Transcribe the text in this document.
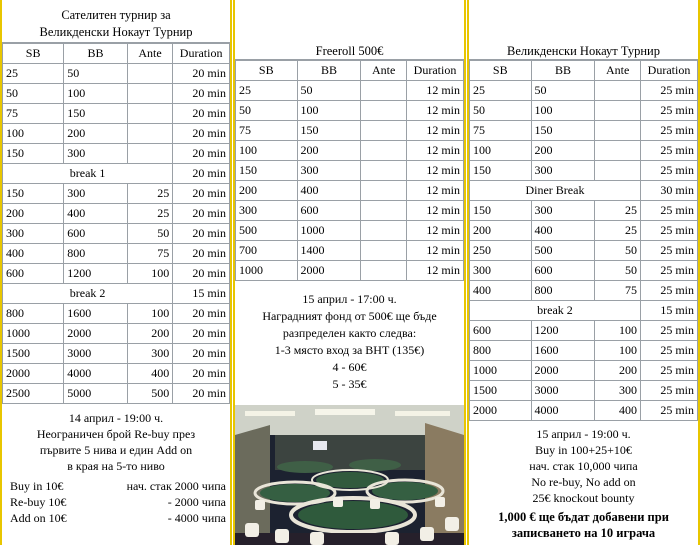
Сателитен турнир за
Великденски Нокаут Турнир
SB	BB	Ante	Duration
25	50		20 min
50	100		20 min
75	150		20 min
100	200		20 min
150	300		20 min
break 1			20 min
150	300	25	20 min
200	400	25	20 min
300	600	50	20 min
400	800	75	20 min
600	1200	100	20 min
break 2			15 min
800	1600	100	20 min
1000	2000	200	20 min
1500	3000	300	20 min
2000	4000	400	20 min
2500	5000	500	20 min

14 април - 19:00 ч.

Неограничен брой Re-buy през

първите 5 нива и един Add on

в края на 5-то ниво

Buy in 10€	нач. стак 2000 чипа
Re-buy 10€	- 2000 чипа
Add on 10€	- 4000 чипа
Freeroll 500€
SB	BB	Ante	Duration
25	50		12 min
50	100		12 min
75	150		12 min
100	200		12 min
150	300		12 min
200	400		12 min
300	600		12 min
500	1000		12 min
700	1400		12 min
1000	2000		12 min

15 април - 17:00 ч.

Наградният фонд от 500€ ще бъде

разпределен както следва:

1-3 място вход за ВНТ (135€)

4 - 60€

5 - 35€

Великденски Нокаут Турнир
SB	BB	Ante	Duration
25	50		25 min
50	100		25 min
75	150		25 min
100	200		25 min
150	300		25 min
Diner Break			30 min
150	300	25	25 min
200	400	25	25 min
250	500	50	25 min
300	600	50	25 min
400	800	75	25 min
break 2			15 min
600	1200	100	25 min
800	1600	100	25 min
1000	2000	200	25 min
1500	3000	300	25 min
2000	4000	400	25 min

15 април - 19:00 ч.

Buy in 100+25+10€

нач. стак 10,000 чипа

No re-buy, No add on

25€ knockout bounty

1,000 € ще бъдат добавени при

записването на 10 играча
